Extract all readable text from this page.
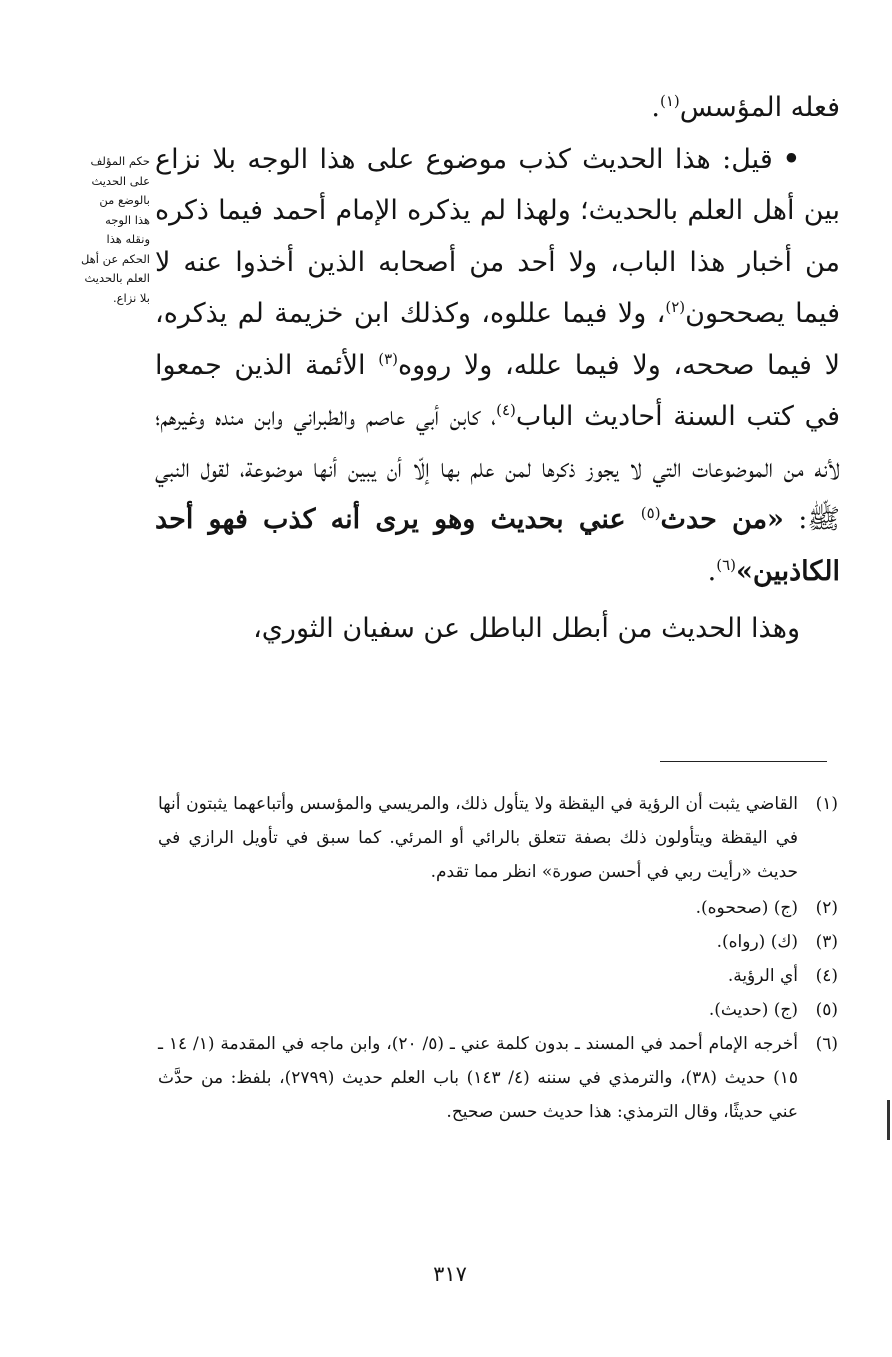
فعله المؤسس$^{(١)}$.

•قيل: هذا الحديث كذب موضوع على هذا الوجه بلا نزاع بين أهل العلم بالحديث؛ ولهذا لم يذكره الإمام أحمد فيما ذكره من أخبار هذا الباب، ولا أحد من أصحابه الذين أخذوا عنه لا فيما يصححون$^{(٢)}$، ولا فيما عللوه، وكذلك ابن خزيمة لم يذكره، لا فيما صححه، ولا فيما علله، ولا رووه$^{(٣)}$ الأئمة الذين جمعوا في كتب السنة أحاديث الباب$^{(٤)}$، كابن أبي عاصم والطبراني وابن منده وغيرهم؛ لأنه من الموضوعات التي لا يجوز ذكرها لمن علم بها إلّا أن يبين أنها موضوعة، لقول النبي ﷺ: «من حدث$^{(٥)}$ عني بحديث وهو يرى أنه كذب فهو أحد الكاذبين»$^{(٦)}$.

وهذا الحديث من أبطل الباطل عن سفيان الثوري،

حكم المؤلف
على الحديث
بالوضع من
هذا الوجه
ونقله هذا
الحكم عن أهل
العلم بالحديث
بلا نزاع.
(١)
القاضي يثبت أن الرؤية في اليقظة ولا يتأول ذلك، والمريسي والمؤسس وأتباعهما يثبتون أنها في اليقظة ويتأولون ذلك بصفة تتعلق بالرائي أو المرئي. كما سبق في تأويل الرازي في حديث «رأيت ربي في أحسن صورة» انظر مما تقدم.
(٢)
(ج) (صححوه).
(٣)
(ك) (رواه).
(٤)
أي الرؤية.
(٥)
(ج) (حديث).
(٦)
أخرجه الإمام أحمد في المسند ـ بدون كلمة عني ـ (٥/ ٢٠)، وابن ماجه في المقدمة (١/ ١٤ ـ ١٥) حديث (٣٨)، والترمذي في سننه (٤/ ١٤٣) باب العلم حديث (٢٧٩٩)، بلفظ: من حدَّث عني حديثًا، وقال الترمذي: هذا حديث حسن صحيح.
٣١٧
